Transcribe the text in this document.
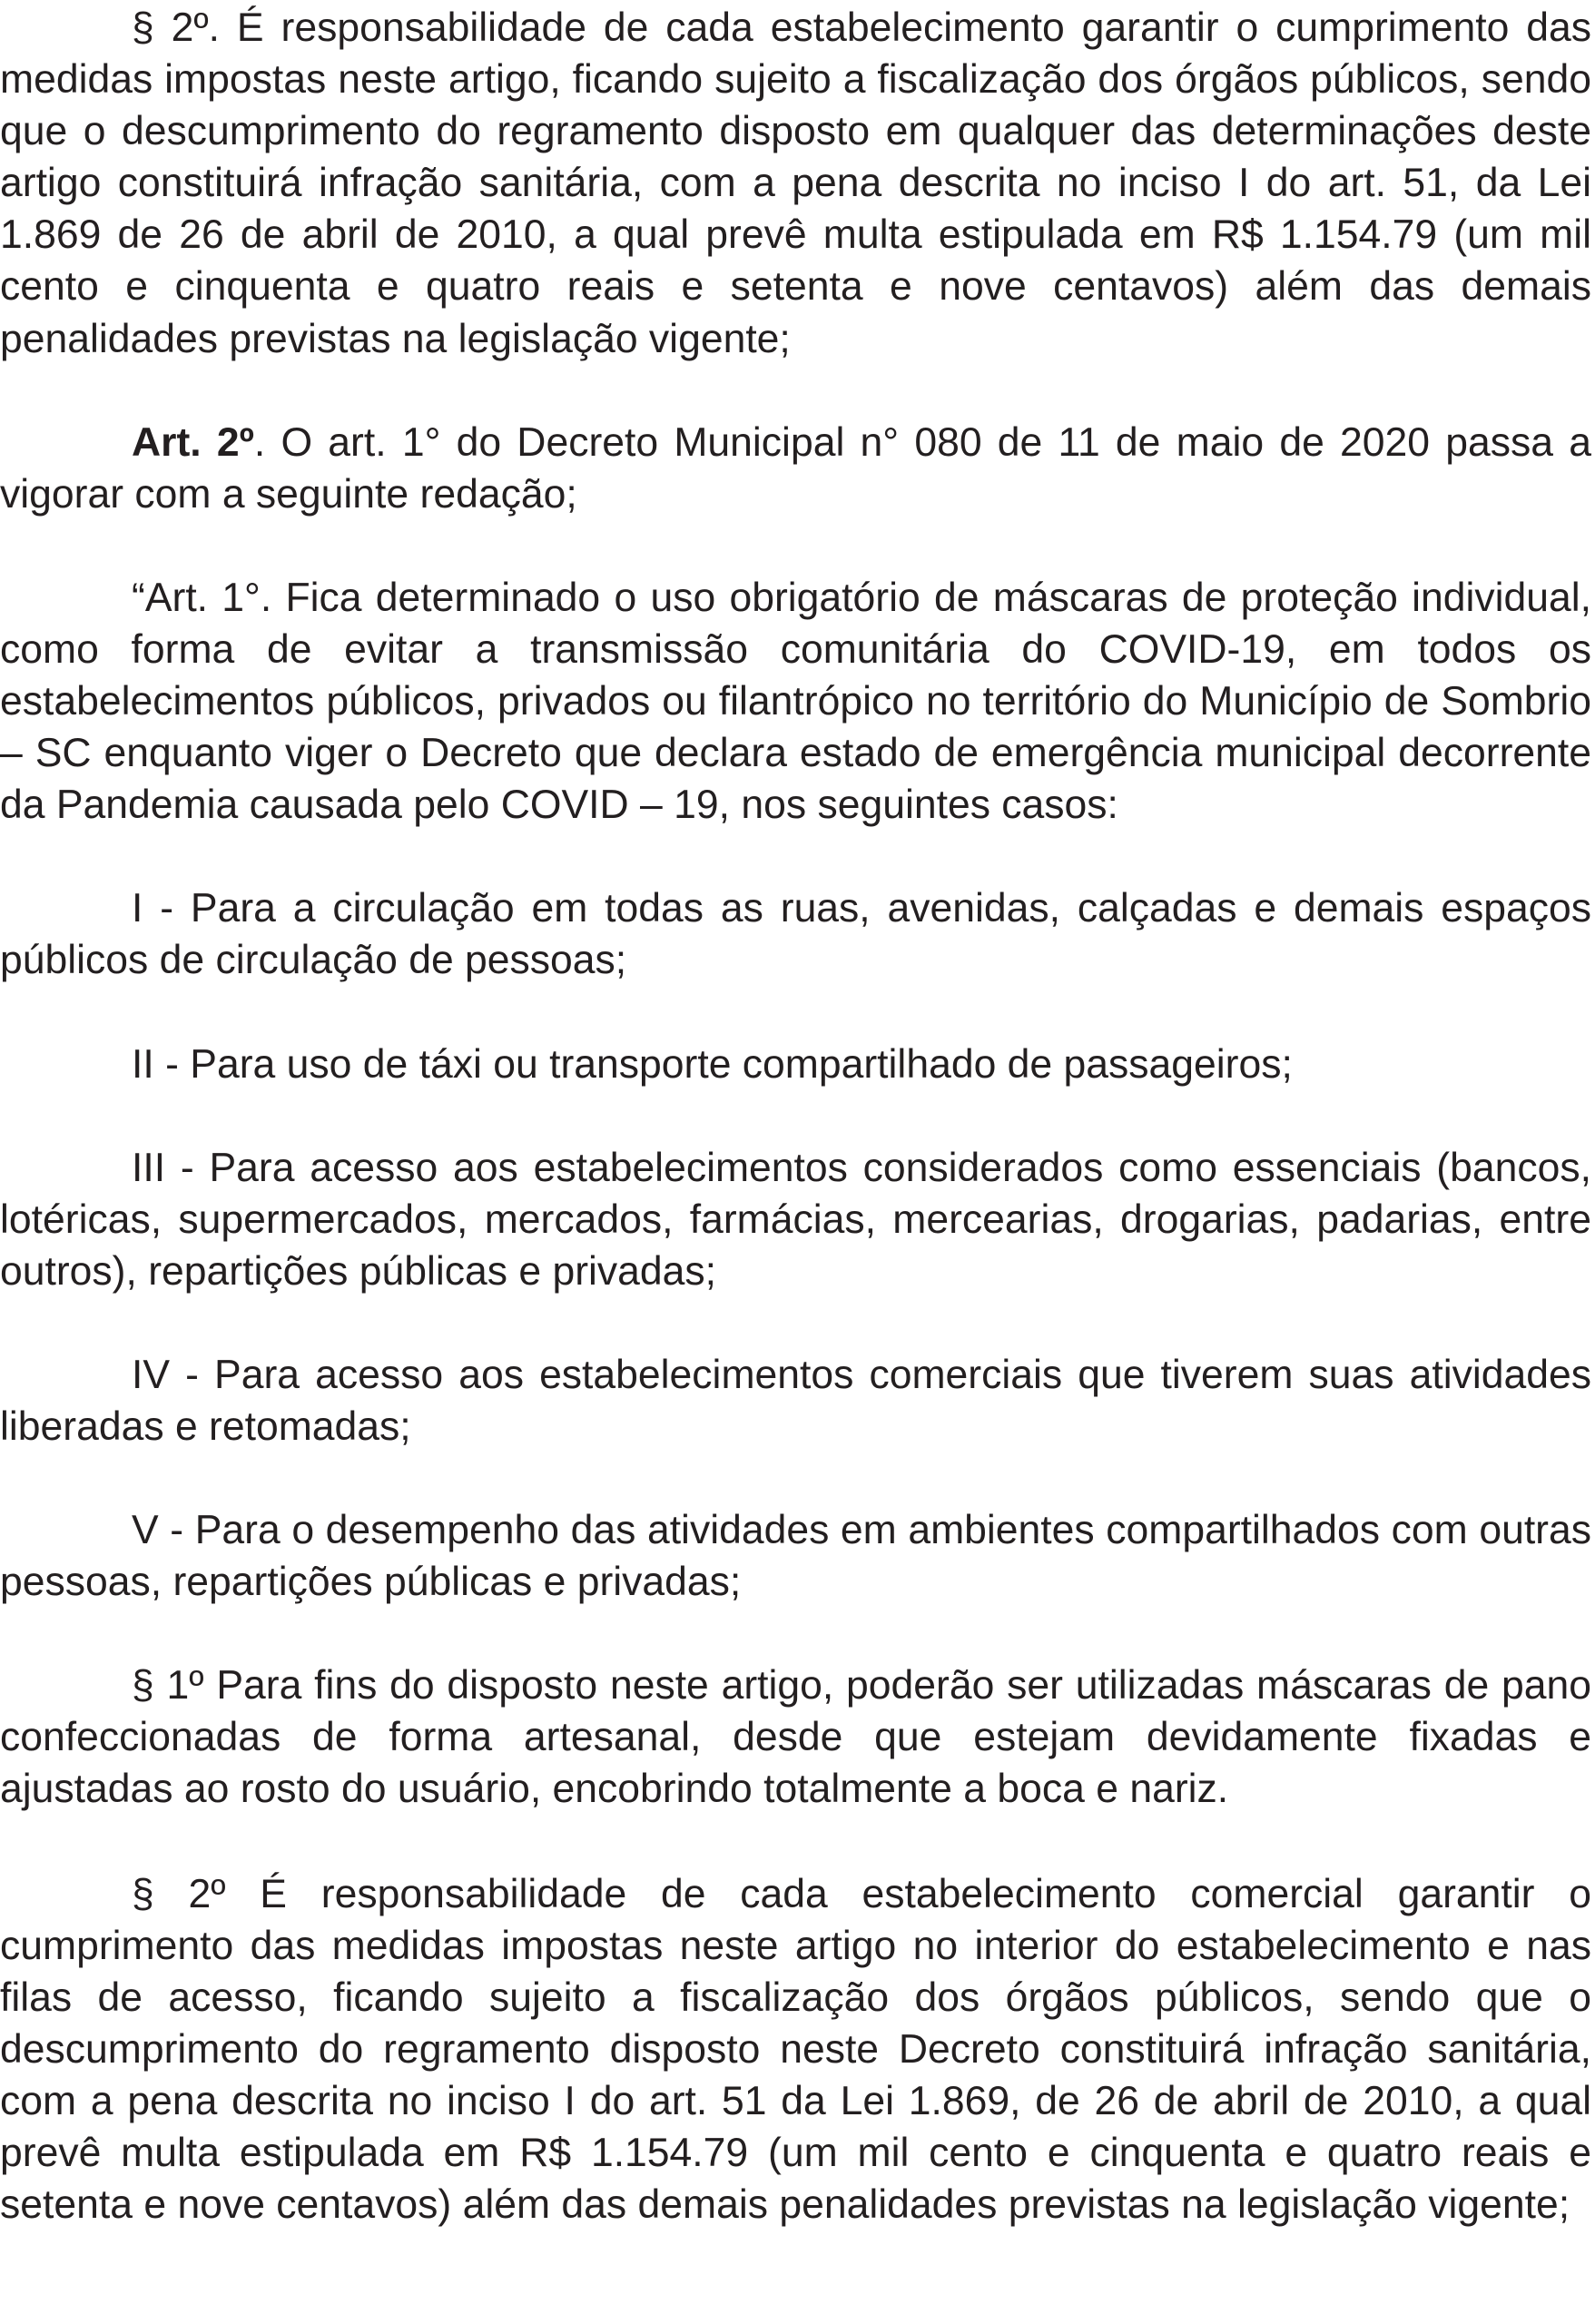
§ 2º. É responsabilidade de cada estabelecimento garantir o cumprimento das medidas impostas neste artigo, ficando sujeito a fiscalização dos órgãos públicos, sendo que o descumprimento do regramento disposto em qualquer das determinações deste artigo constituirá infração sanitária, com a pena descrita no inciso I do art. 51, da Lei 1.869 de 26 de abril de 2010, a qual prevê multa estipulada em R$ 1.154.79 (um mil cento e cinquenta e quatro reais e setenta e nove centavos) além das demais penalidades previstas na legislação vigente;

Art. 2º. O art. 1° do Decreto Municipal n° 080 de 11 de maio de 2020 passa a vigorar com a seguinte redação;

“Art. 1°. Fica determinado o uso obrigatório de máscaras de proteção individual, como forma de evitar a transmissão comunitária do COVID-19, em todos os estabelecimentos públicos, privados ou filantrópico no território do Município de Sombrio – SC enquanto viger o Decreto que declara estado de emergência municipal decorrente da Pandemia causada pelo COVID – 19, nos seguintes casos:

I - Para a circulação em todas as ruas, avenidas, calçadas e demais espaços públicos de circulação de pessoas;

II - Para uso de táxi ou transporte compartilhado de passageiros;

III - Para acesso aos estabelecimentos considerados como essenciais (bancos, lotéricas, supermercados, mercados, farmácias, mercearias, drogarias, padarias, entre outros), repartições públicas e privadas;

IV - Para acesso aos estabelecimentos comerciais que tiverem suas atividades liberadas e retomadas;

V - Para o desempenho das atividades em ambientes compartilhados com outras pessoas, repartições públicas e privadas;

§ 1º Para fins do disposto neste artigo, poderão ser utilizadas máscaras de pano confeccionadas de forma artesanal, desde que estejam devidamente fixadas e ajustadas ao rosto do usuário, encobrindo totalmente a boca e nariz.

§ 2º É responsabilidade de cada estabelecimento comercial garantir o cumprimento das medidas impostas neste artigo no interior do estabelecimento e nas filas de acesso, ficando sujeito a fiscalização dos órgãos públicos, sendo que o descumprimento do regramento disposto neste Decreto constituirá infração sanitária, com a pena descrita no inciso I do art. 51 da Lei 1.869, de 26 de abril de 2010, a qual prevê multa estipulada em R$ 1.154.79 (um mil cento e cinquenta e quatro reais e setenta e nove centavos) além das demais penalidades previstas na legislação vigente;
